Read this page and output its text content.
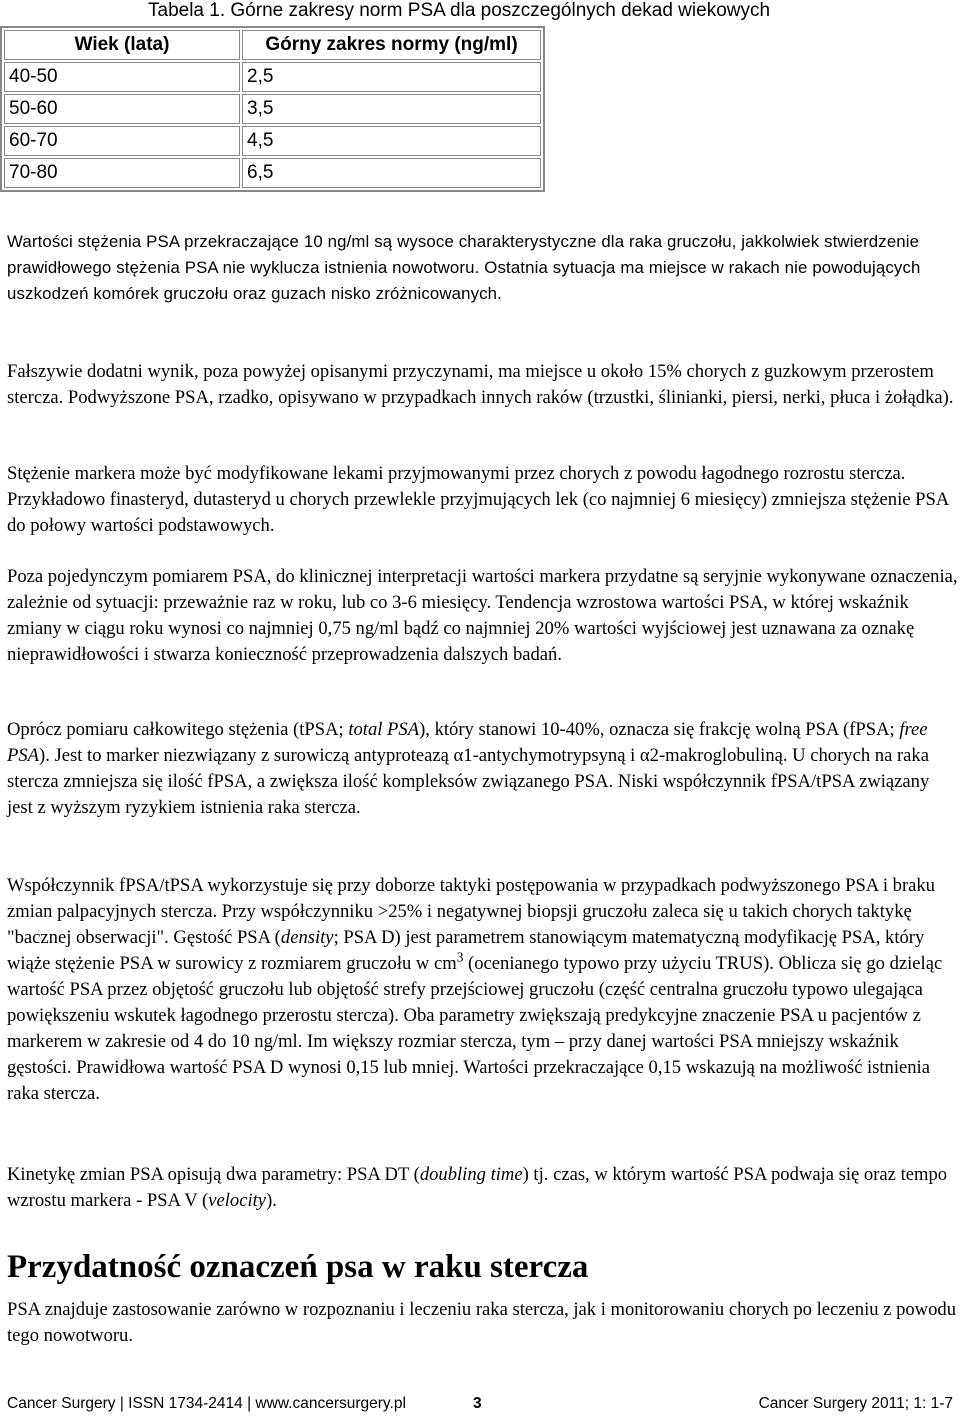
Tabela 1. Górne zakresy norm PSA dla poszczególnych dekad wiekowych
Wiek (lata)	Górny zakres normy (ng/ml)
40-50	2,5
50-60	3,5
60-70	4,5
70-80	6,5

Wartości stężenia PSA przekraczające 10 ng/ml są wysoce charakterystyczne dla raka gruczołu, jakkolwiek stwierdzenie prawidłowego stężenia PSA nie wyklucza istnienia nowotworu. Ostatnia sytuacja ma miejsce w rakach nie powodujących uszkodzeń komórek gruczołu oraz guzach nisko zróżnicowanych.

Fałszywie dodatni wynik, poza powyżej opisanymi przyczynami, ma miejsce u około 15% chorych z guzkowym przerostem stercza. Podwyższone PSA, rzadko, opisywano w przypadkach innych raków (trzustki, ślinianki, piersi, nerki, płuca i żołądka).

Stężenie markera może być modyfikowane lekami przyjmowanymi przez chorych z powodu łagodnego rozrostu stercza. Przykładowo finasteryd, dutasteryd u chorych przewlekle przyjmujących lek (co najmniej 6 miesięcy) zmniejsza stężenie PSA do połowy wartości podstawowych.

Poza pojedynczym pomiarem PSA, do klinicznej interpretacji wartości markera przydatne są seryjnie wykonywane oznaczenia, zależnie od sytuacji: przeważnie raz w roku, lub co 3-6 miesięcy. Tendencja wzrostowa wartości PSA, w której wskaźnik zmiany w ciągu roku wynosi co najmniej 0,75 ng/ml bądź co najmniej 20% wartości wyjściowej jest uznawana za oznakę nieprawidłowości i stwarza konieczność przeprowadzenia dalszych badań.

Oprócz pomiaru całkowitego stężenia (tPSA; total PSA), który stanowi 10-40%, oznacza się frakcję wolną PSA (fPSA; free PSA). Jest to marker niezwiązany z surowiczą antyproteazą α1-antychymotrypsyną i α2-makroglobuliną. U chorych na raka stercza zmniejsza się ilość fPSA, a zwiększa ilość kompleksów związanego PSA. Niski współczynnik fPSA/tPSA związany jest z wyższym ryzykiem istnienia raka stercza.

Współczynnik fPSA/tPSA wykorzystuje się przy doborze taktyki postępowania w przypadkach podwyższonego PSA i braku zmian palpacyjnych stercza. Przy współczynniku >25% i negatywnej biopsji gruczołu zaleca się u takich chorych taktykę "bacznej obserwacji". Gęstość PSA (density; PSA D) jest parametrem stanowiącym matematyczną modyfikację PSA, który wiąże stężenie PSA w surowicy z rozmiarem gruczołu w $cm^3$ (ocenianego typowo przy użyciu TRUS). Oblicza się go dzieląc wartość PSA przez objętość gruczołu lub objętość strefy przejściowej gruczołu (część centralna gruczołu typowo ulegająca powiększeniu wskutek łagodnego przerostu stercza). Oba parametry zwiększają predykcyjne znaczenie PSA u pacjentów z markerem w zakresie od 4 do 10 ng/ml. Im większy rozmiar stercza, tym – przy danej wartości PSA mniejszy wskaźnik gęstości. Prawidłowa wartość PSA D wynosi 0,15 lub mniej. Wartości przekraczające 0,15 wskazują na możliwość istnienia raka stercza.

Kinetykę zmian PSA opisują dwa parametry: PSA DT (doubling time) tj. czas, w którym wartość PSA podwaja się oraz tempo wzrostu markera - PSA V (velocity).

Przydatność oznaczeń psa w raku stercza

PSA znajduje zastosowanie zarówno w rozpoznaniu i leczeniu raka stercza, jak i monitorowaniu chorych po leczeniu z powodu tego nowotworu.

Cancer Surgery | ISSN 1734-2414 | www.cancersurgery.pl	3	Cancer Surgery 2011; 1: 1-7
